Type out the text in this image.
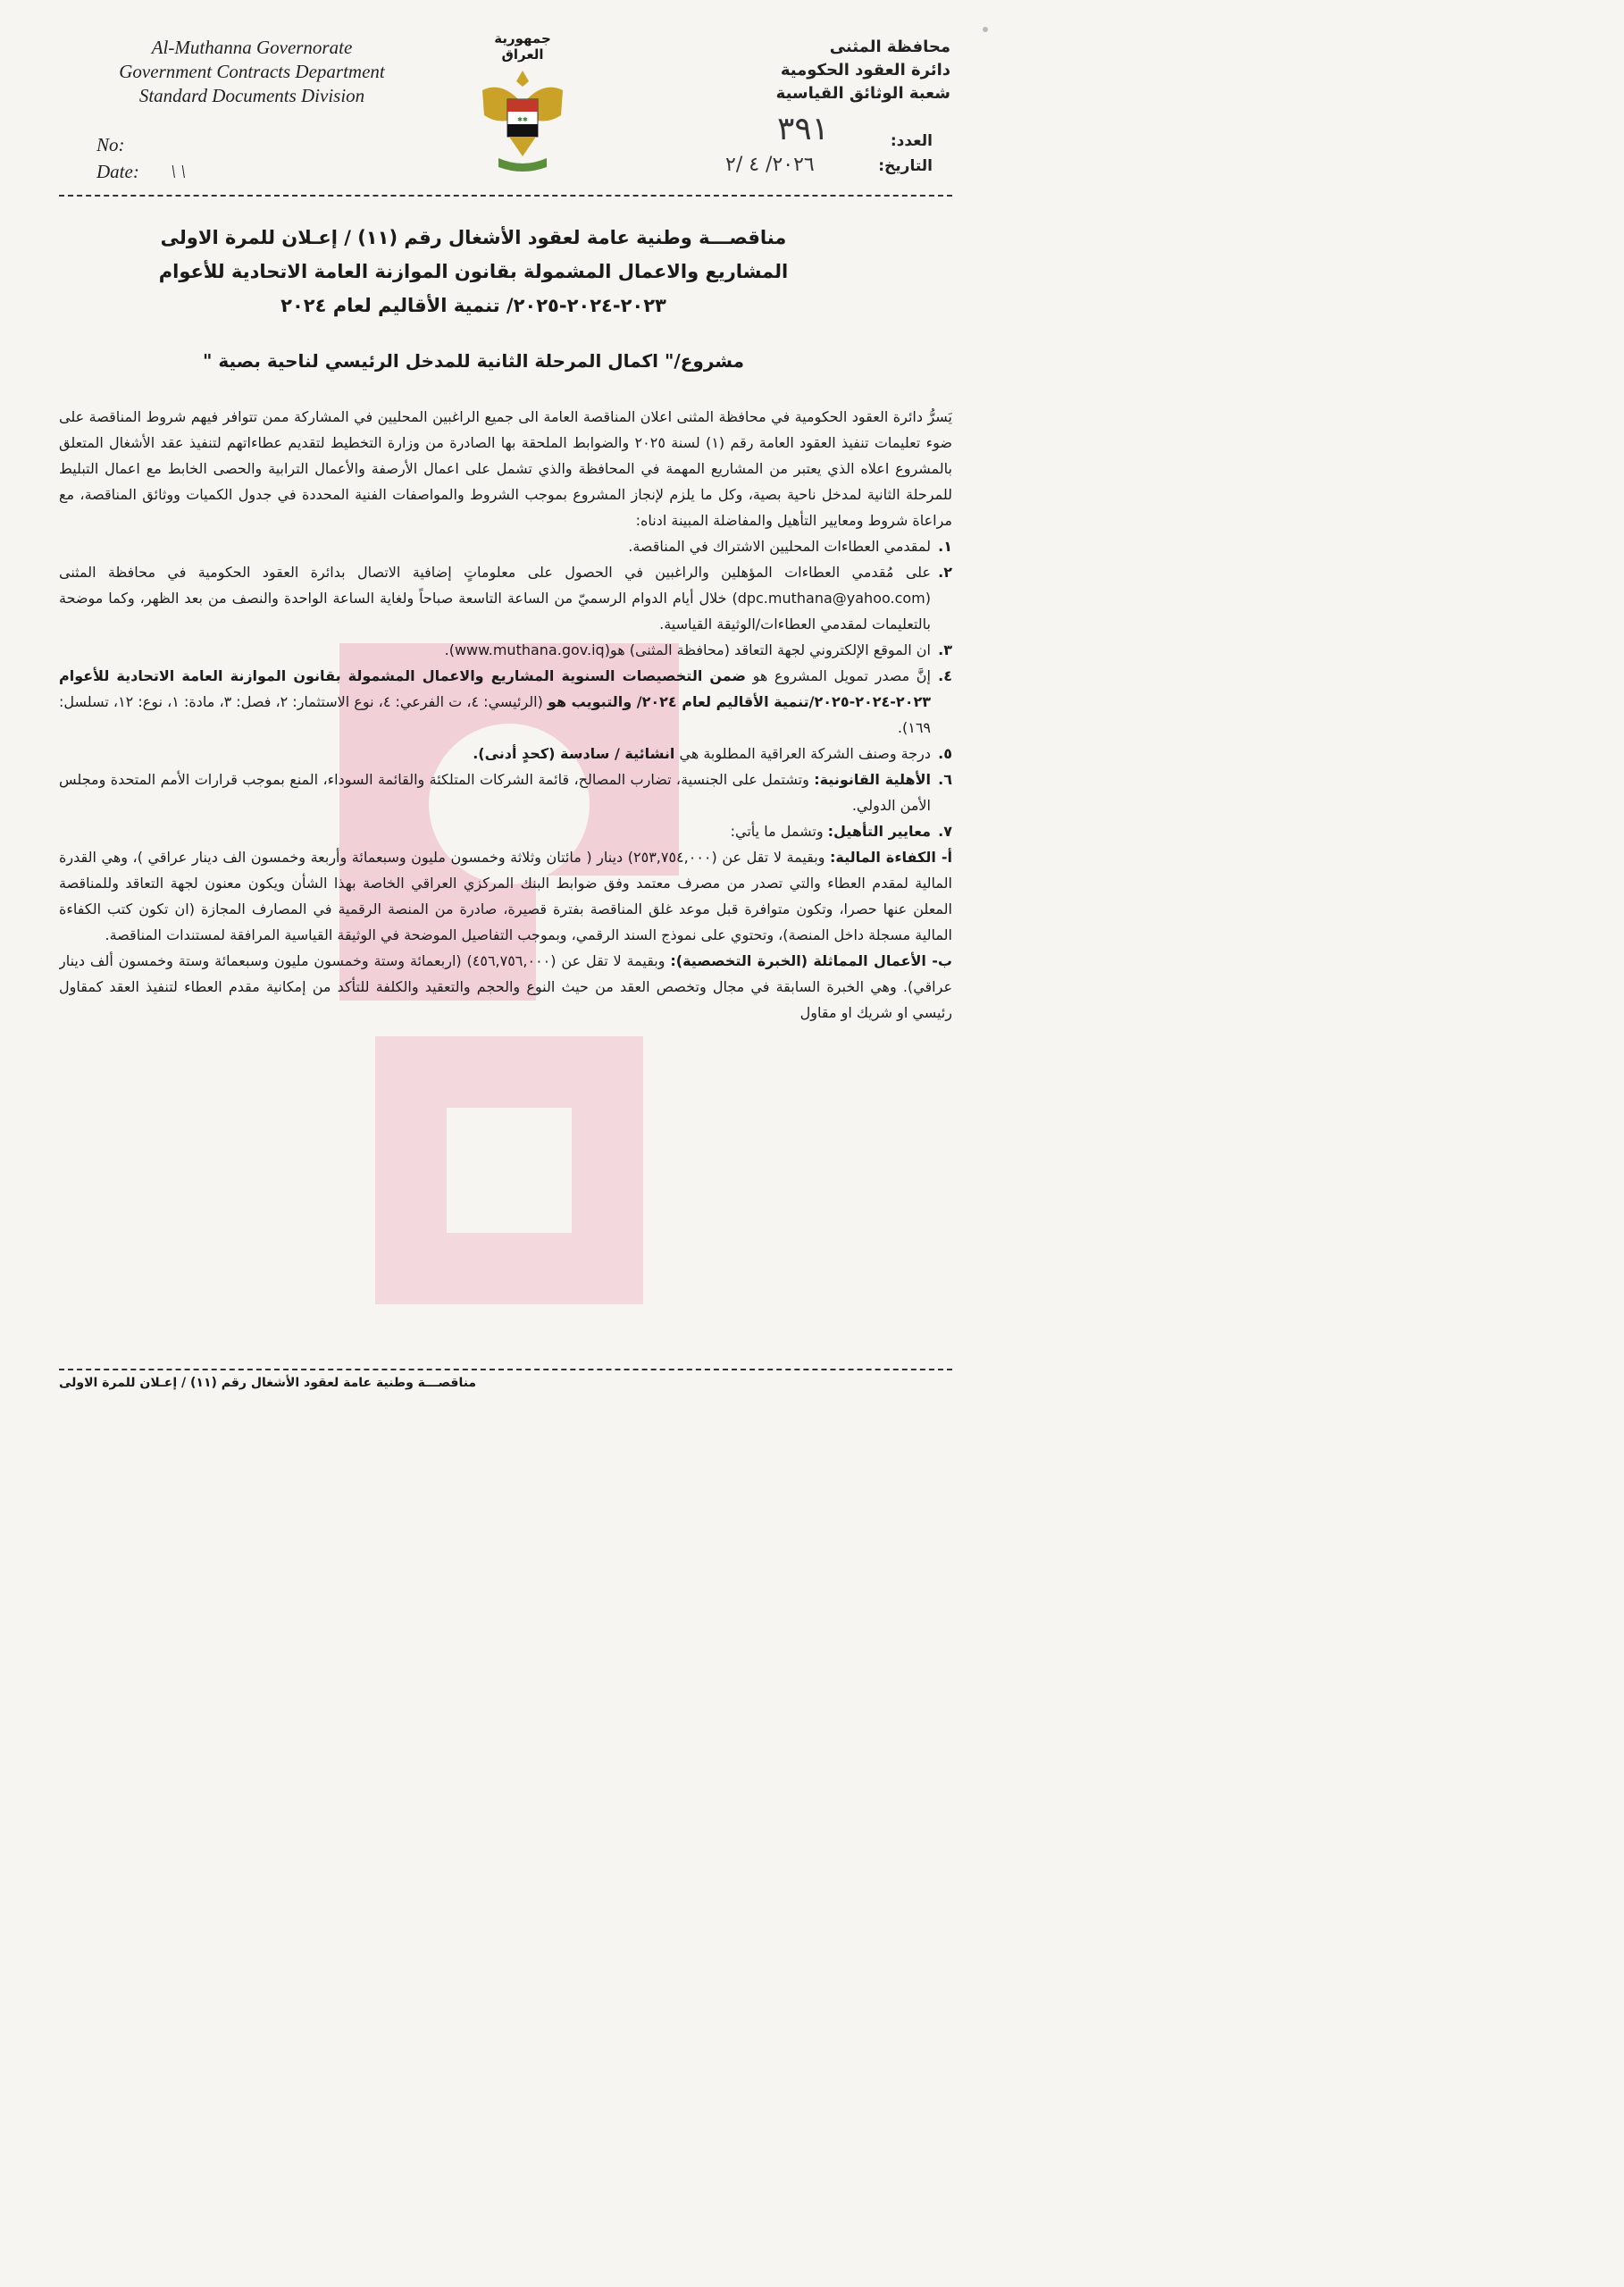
Al-Muthanna Governorate
Government Contracts Department
Standard Documents Division
No:
Date: \ \
جمهورية العراق
✱✱
محافظة المثنى
دائرة العقود الحكومية
شعبة الوثائق القياسية
العدد:
٣٩١
التاريخ:
٢٠٢٦/ ٤ /٢
مناقصـــة وطنية عامة لعقود الأشغال رقم (١١) / إعـلان للمرة الاولى
المشاريع والاعمال المشمولة بقانون الموازنة العامة الاتحادية للأعوام
٢٠٢٣-٢٠٢٤-٢٠٢٥/ تنمية الأقاليم لعام ٢٠٢٤
مشروع/" اكمال المرحلة الثانية للمدخل الرئيسي لناحية بصية "

يَسرُّ دائرة العقود الحكومية في محافظة المثنى اعلان المناقصة العامة الى جميع الراغبين المحليين في المشاركة ممن تتوافر فيهم شروط المناقصة على ضوء تعليمات تنفيذ العقود العامة رقم (١) لسنة ٢٠٢٥ والضوابط الملحقة بها الصادرة من وزارة التخطيط لتقديم عطاءاتهم لتنفيذ عقد الأشغال المتعلق بالمشروع اعلاه الذي يعتبر من المشاريع المهمة في المحافظة والذي تشمل على اعمال الأرصفة والأعمال الترابية والحصى الخابط مع اعمال التبليط للمرحلة الثانية لمدخل ناحية بصية، وكل ما يلزم لإنجاز المشروع بموجب الشروط والمواصفات الفنية المحددة في جدول الكميات ووثائق المناقصة، مع مراعاة شروط ومعايير التأهيل والمفاضلة المبينة ادناه:

١.
لمقدمي العطاءات المحليين الاشتراك في المناقصة.
٢.
على مُقدمي العطاءات المؤهلين والراغبين في الحصول على معلوماتٍ إضافية الاتصال بدائرة العقود الحكومية في محافظة المثنى (dpc.muthana@yahoo.com) خلال أيام الدوام الرسميّ من الساعة التاسعة صباحاً ولغاية الساعة الواحدة والنصف من بعد الظهر، وكما موضحة بالتعليمات لمقدمي العطاءات/الوثيقة القياسية.
٣.
ان الموقع الإلكتروني لجهة التعاقد (محافظة المثنى) هو(www.muthana.gov.iq).
٤.
إنَّ مصدر تمويل المشروع هو ضمن التخصيصات السنوية المشاريع والاعمال المشمولة بقانون الموازنة العامة الاتحادية للأعوام ٢٠٢٣-٢٠٢٤-٢٠٢٥/تنمية الأقاليم لعام ٢٠٢٤/ والتبويب هو (الرئيسي: ٤، ت الفرعي: ٤، نوع الاستثمار: ٢، فصل: ٣، مادة: ١، نوع: ١٢، تسلسل: ١٦٩).
٥.
درجة وصنف الشركة العراقية المطلوبة هي انشائية / سادسة (كحدٍ أدنى).
٦.
الأهلية القانونية: وتشتمل على الجنسية، تضارب المصالح، قائمة الشركات المتلكئة والقائمة السوداء، المنع بموجب قرارات الأمم المتحدة ومجلس الأمن الدولي.
٧.
معايير التأهيل: وتشمل ما يأتي:

أ- الكفاءة المالية: وبقيمة لا تقل عن (٢٥٣,٧٥٤,٠٠٠) دينار ( مائتان وثلاثة وخمسون مليون وسبعمائة وأربعة وخمسون الف دينار عراقي )، وهي القدرة المالية لمقدم العطاء والتي تصدر من مصرف معتمد وفق ضوابط البنك المركزي العراقي الخاصة بهذا الشأن ويكون معنون لجهة التعاقد وللمناقصة المعلن عنها حصرا، وتكون متوافرة قبل موعد غلق المناقصة بفترة قصيرة، صادرة من المنصة الرقمية في المصارف المجازة (ان تكون كتب الكفاءة المالية مسجلة داخل المنصة)، وتحتوي على نموذج السند الرقمي، وبموجب التفاصيل الموضحة في الوثيقة القياسية المرافقة لمستندات المناقصة.

ب- الأعمال المماثلة (الخبرة التخصصية): وبقيمة لا تقل عن (٤٥٦,٧٥٦,٠٠٠) (اربعمائة وستة وخمسون مليون وسبعمائة وستة وخمسون ألف دينار عراقي). وهي الخبرة السابقة في مجال وتخصص العقد من حيث النوع والحجم والتعقيد والكلفة للتأكد من إمكانية مقدم العطاء لتنفيذ العقد كمقاول رئيسي او شريك او مقاول

مناقصـــة وطنية عامة لعقود الأشغال رقم (١١) / إعـلان للمرة الاولى
